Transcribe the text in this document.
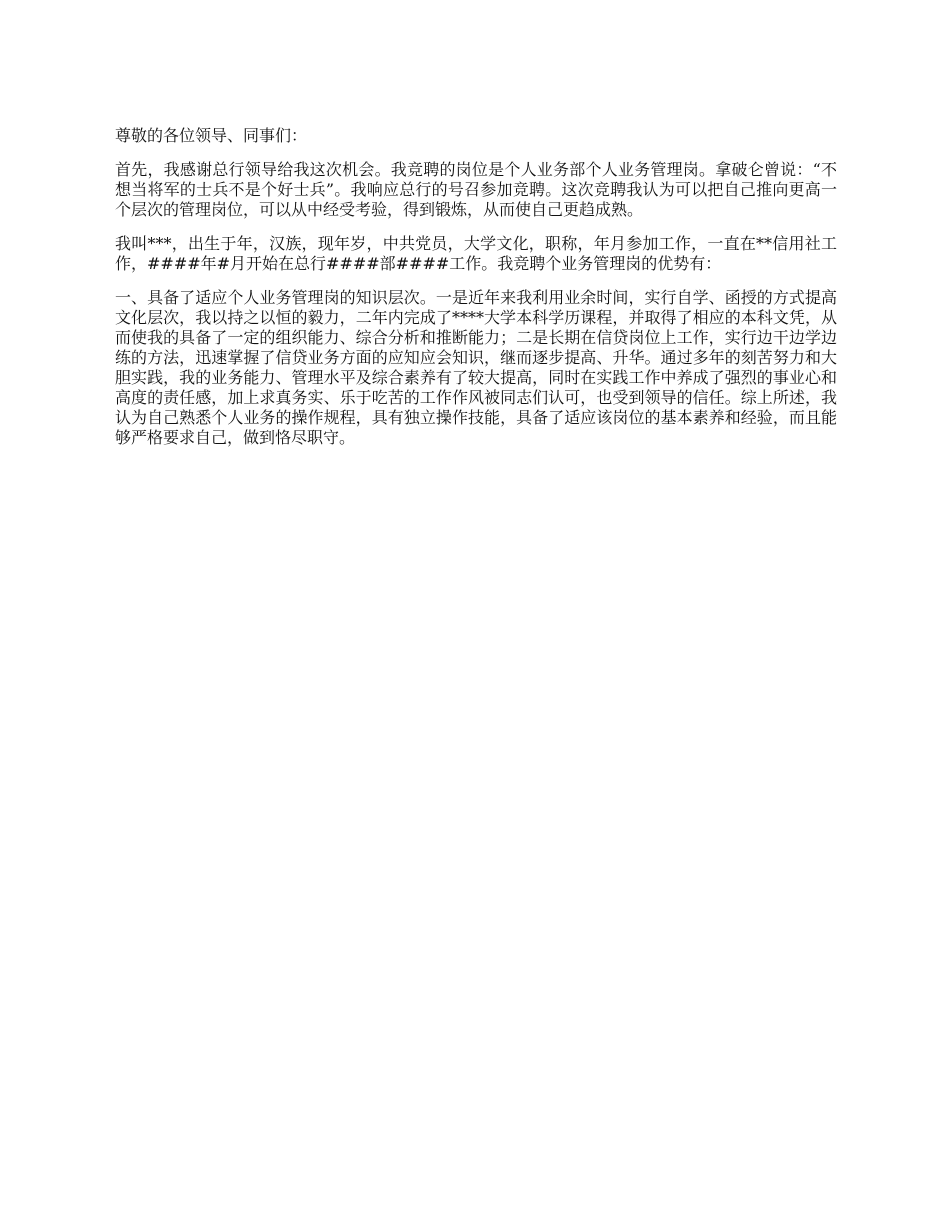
尊敬的各位领导、同事们：

首先，我感谢总行领导给我这次机会。我竞聘的岗位是个人业务部个人业务管理岗。拿破仑曾说：“不想当将军的士兵不是个好士兵”。我响应总行的号召参加竞聘。这次竞聘我认为可以把自己推向更高一个层次的管理岗位，可以从中经受考验，得到锻炼，从而使自己更趋成熟。

我叫***，出生于年，汉族，现年岁，中共党员，大学文化，职称，年月参加工作，一直在**信用社工作，####年#月开始在总行####部####工作。我竞聘个业务管理岗的优势有：

一、具备了适应个人业务管理岗的知识层次。一是近年来我利用业余时间，实行自学、函授的方式提高文化层次，我以持之以恒的毅力，二年内完成了****大学本科学历课程，并取得了相应的本科文凭，从而使我的具备了一定的组织能力、综合分析和推断能力；二是长期在信贷岗位上工作，实行边干边学边练的方法，迅速掌握了信贷业务方面的应知应会知识，继而逐步提高、升华。通过多年的刻苦努力和大胆实践，我的业务能力、管理水平及综合素养有了较大提高，同时在实践工作中养成了强烈的事业心和高度的责任感，加上求真务实、乐于吃苦的工作作风被同志们认可，也受到领导的信任。综上所述，我认为自己熟悉个人业务的操作规程，具有独立操作技能，具备了适应该岗位的基本素养和经验，而且能够严格要求自己，做到恪尽职守。
